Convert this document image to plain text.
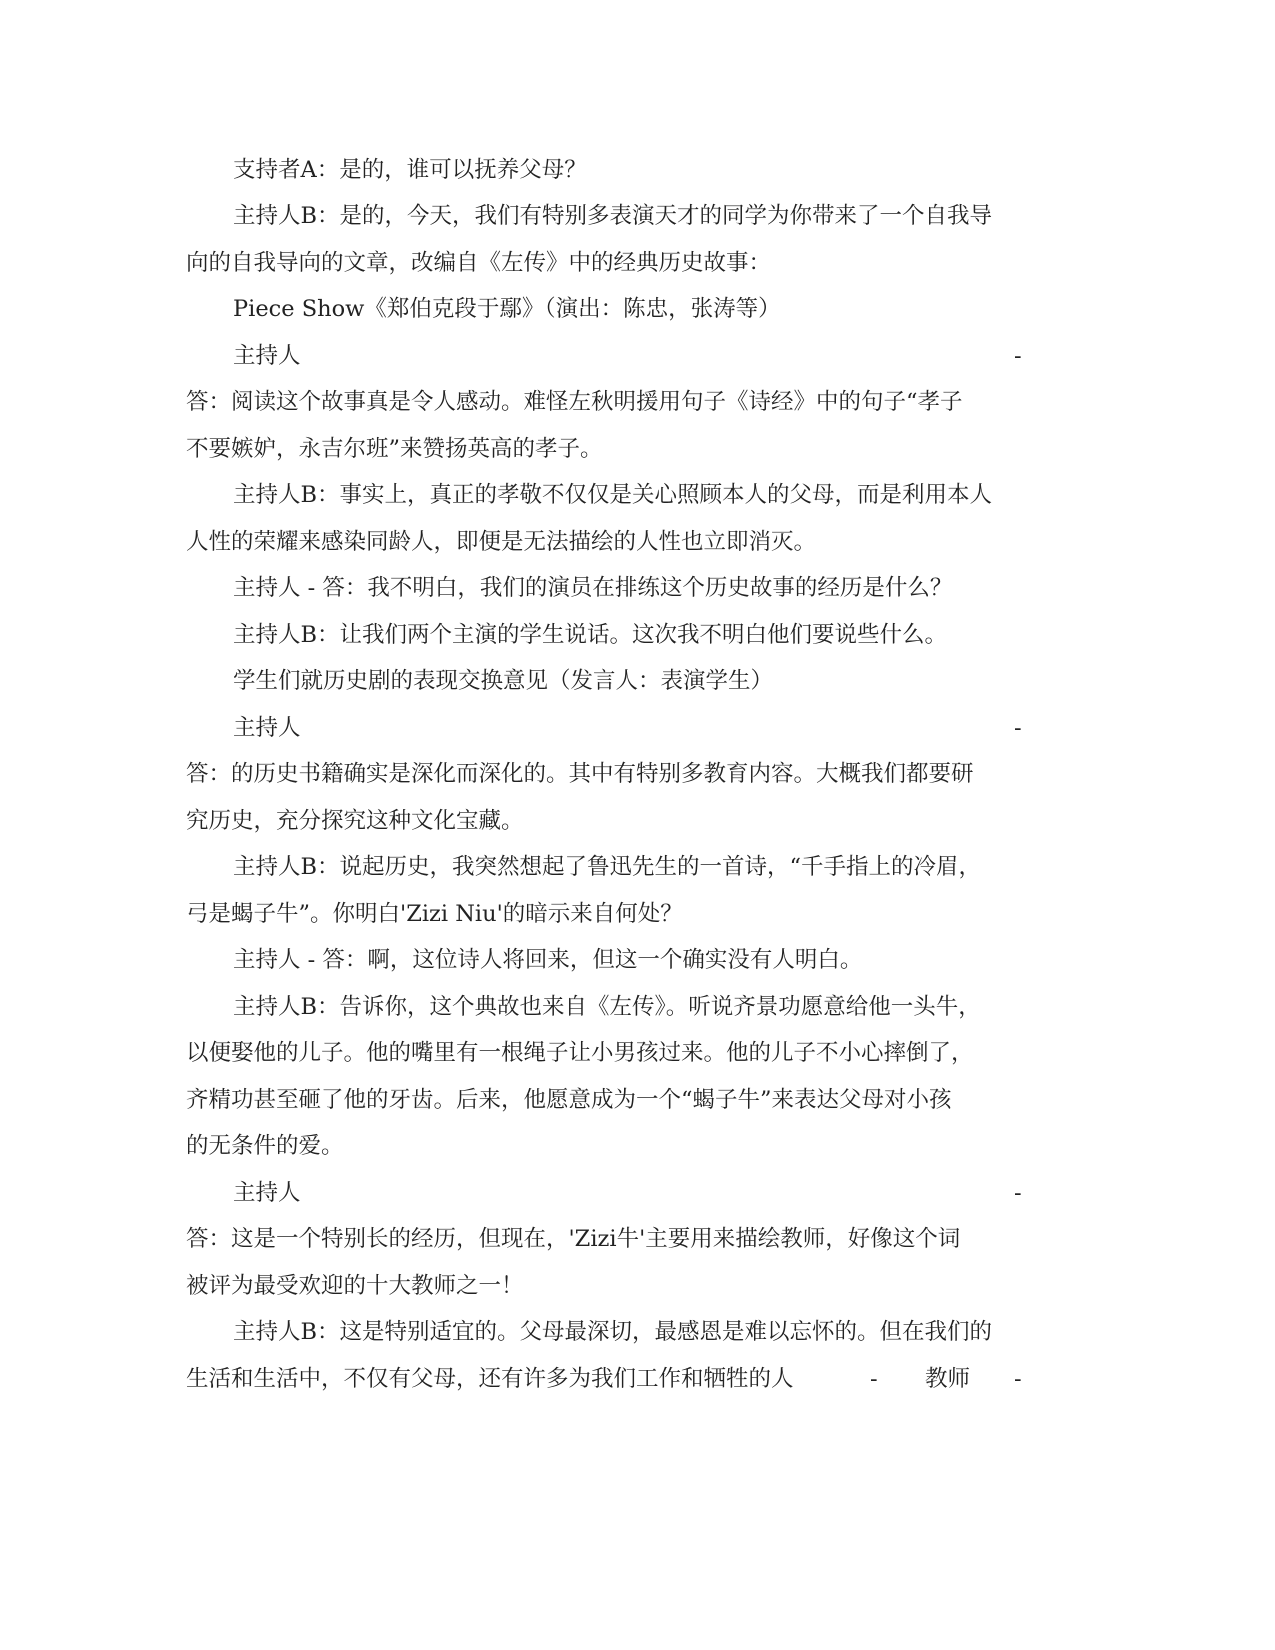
支持者A：是的，谁可以抚养父母？
主持人B：是的，今天，我们有特别多表演天才的同学为你带来了一个自我导
向的自我导向的文章，改编自《左传》中的经典历史故事：
Piece Show《郑伯克段于鄢》（演出：陈忠，张涛等）
主持人	-
答：阅读这个故事真是令人感动。难怪左秋明援用句子《诗经》中的句子“孝子
不要嫉妒，永吉尔班”来赞扬英高的孝子。
主持人B：事实上，真正的孝敬不仅仅是关心照顾本人的父母，而是利用本人
人性的荣耀来感染同龄人，即便是无法描绘的人性也立即消灭。
主持人 - 答：我不明白，我们的演员在排练这个历史故事的经历是什么？
主持人B：让我们两个主演的学生说话。这次我不明白他们要说些什么。
学生们就历史剧的表现交换意见（发言人：表演学生）
主持人	-
答：的历史书籍确实是深化而深化的。其中有特别多教育内容。大概我们都要研
究历史，充分探究这种文化宝藏。
主持人B：说起历史，我突然想起了鲁迅先生的一首诗，“千手指上的冷眉，
弓是蝎子牛”。你明白'Zizi Niu'的暗示来自何处？
主持人 - 答：啊，这位诗人将回来，但这一个确实没有人明白。
主持人B：告诉你，这个典故也来自《左传》。听说齐景功愿意给他一头牛，
以便娶他的儿子。他的嘴里有一根绳子让小男孩过来。他的儿子不小心摔倒了，
齐精功甚至砸了他的牙齿。后来，他愿意成为一个“蝎子牛”来表达父母对小孩
的无条件的爱。
主持人	-
答：这是一个特别长的经历，但现在，'Zizi牛'主要用来描绘教师，好像这个词
被评为最受欢迎的十大教师之一！
主持人B：这是特别适宜的。父母最深切，最感恩是难以忘怀的。但在我们的
生活和生活中，不仅有父母，还有许多为我们工作和牺牲的人	- 教师 -
